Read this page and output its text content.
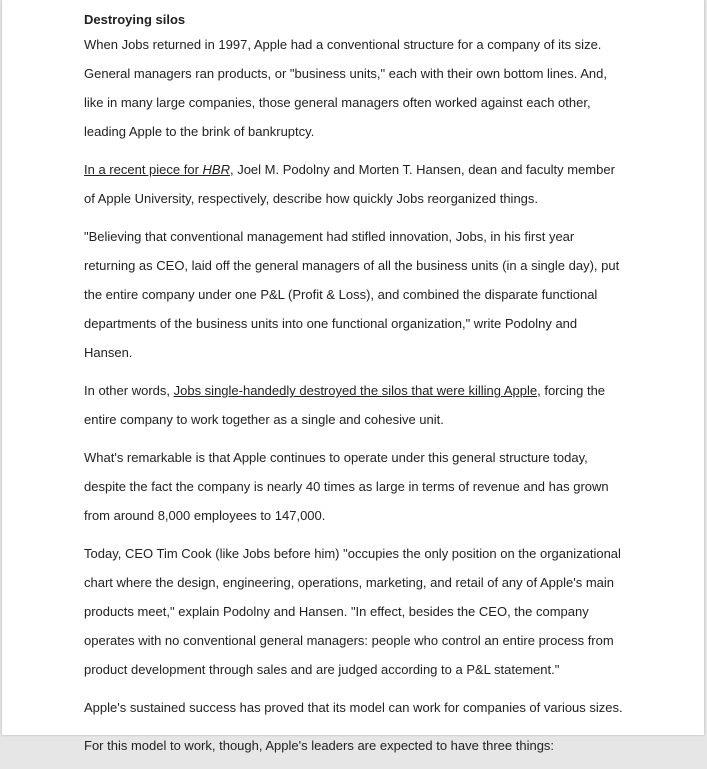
Destroying silos

When Jobs returned in 1997, Apple had a conventional structure for a company of its size. General managers ran products, or "business units," each with their own bottom lines. And, like in many large companies, those general managers often worked against each other, leading Apple to the brink of bankruptcy.

In a recent piece for HBR, Joel M. Podolny and Morten T. Hansen, dean and faculty member of Apple University, respectively, describe how quickly Jobs reorganized things.

"Believing that conventional management had stifled innovation, Jobs, in his first year returning as CEO, laid off the general managers of all the business units (in a single day), put the entire company under one P&L (Profit & Loss), and combined the disparate functional departments of the business units into one functional organization," write Podolny and Hansen.

In other words, Jobs single-handedly destroyed the silos that were killing Apple, forcing the entire company to work together as a single and cohesive unit.

What's remarkable is that Apple continues to operate under this general structure today, despite the fact the company is nearly 40 times as large in terms of revenue and has grown from around 8,000 employees to 147,000.

Today, CEO Tim Cook (like Jobs before him) "occupies the only position on the organizational chart where the design, engineering, operations, marketing, and retail of any of Apple's main products meet," explain Podolny and Hansen. "In effect, besides the CEO, the company operates with no conventional general managers: people who control an entire process from product development through sales and are judged according to a P&L statement."

Apple's sustained success has proved that its model can work for companies of various sizes.

For this model to work, though, Apple's leaders are expected to have three things:
